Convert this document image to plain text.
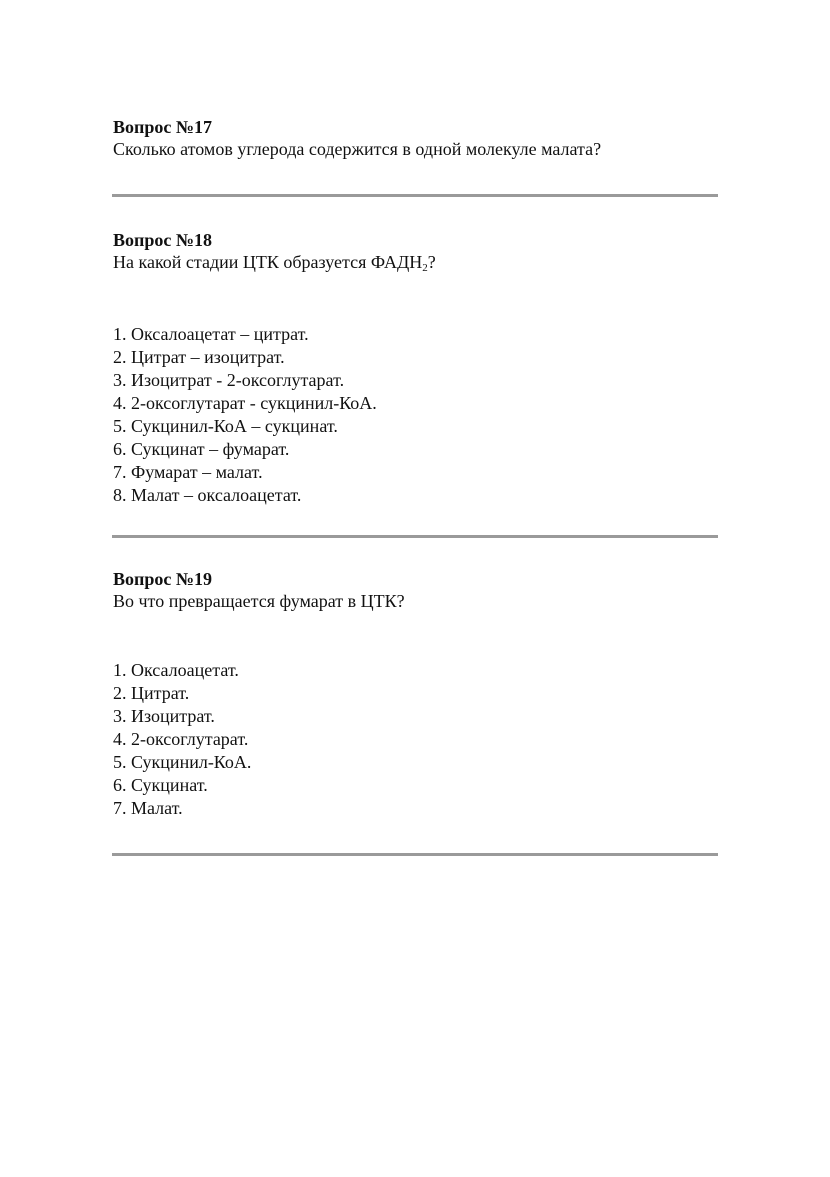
Вопрос №17

Сколько атомов углерода содержится в одной молекуле малата?

Вопрос №18

На какой стадии ЦТК образуется $ФАДН_2$?

1. Оксалоацетат – цитрат.
2. Цитрат – изоцитрат.
3. Изоцитрат - 2-оксоглутарат.
4. 2-оксоглутарат - сукцинил-КоА.
5. Сукцинил-КоА – сукцинат.
6. Сукцинат – фумарат.
7. Фумарат – малат.
8. Малат – оксалоацетат.

Вопрос №19

Во что превращается фумарат в ЦТК?

1. Оксалоацетат.
2. Цитрат.
3. Изоцитрат.
4. 2-оксоглутарат.
5. Сукцинил-КоА.
6. Сукцинат.
7. Малат.
